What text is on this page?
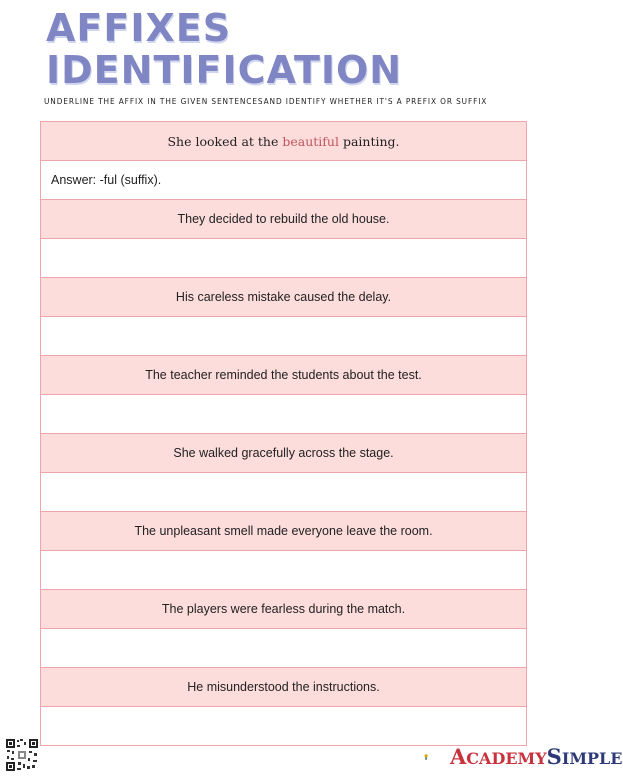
AFFIXES
IDENTIFICATION
UNDERLINE THE AFFIX IN THE GIVEN SENTENCESAND IDENTIFY WHETHER IT'S A PREFIX OR SUFFIX
She looked at the beautiful painting.
Answer: -ful (suffix).
They decided to rebuild the old house.
His careless mistake caused the delay.
The teacher reminded the students about the test.
She walked gracefully across the stage.
The unpleasant smell made everyone leave the room.
The players were fearless during the match.
He misunderstood the instructions.
ACADEMYSIMPLE
